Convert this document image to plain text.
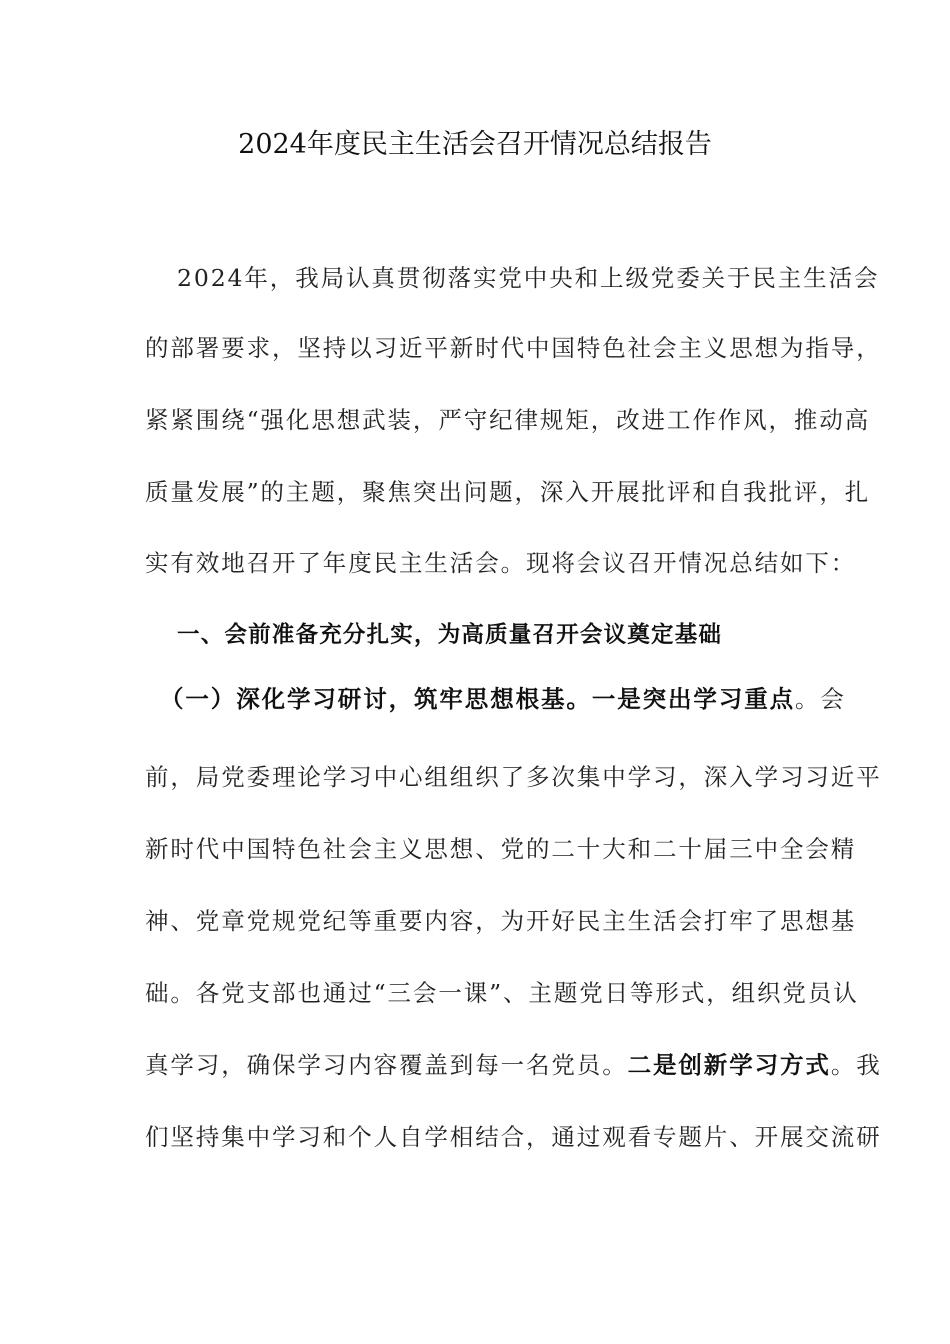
2024年度民主生活会召开情况总结报告
2024年，我局认真贯彻落实党中央和上级党委关于民主生活会
的部署要求，坚持以习近平新时代中国特色社会主义思想为指导，
紧紧围绕“强化思想武装，严守纪律规矩，改进工作作风，推动高
质量发展”的主题，聚焦突出问题，深入开展批评和自我批评，扎
实有效地召开了年度民主生活会。现将会议召开情况总结如下：
一、会前准备充分扎实，为高质量召开会议奠定基础
（一）深化学习研讨，筑牢思想根基。一是突出学习重点。会
前，局党委理论学习中心组组织了多次集中学习，深入学习习近平
新时代中国特色社会主义思想、党的二十大和二十届三中全会精
神、党章党规党纪等重要内容，为开好民主生活会打牢了思想基
础。各党支部也通过“三会一课”、主题党日等形式，组织党员认
真学习，确保学习内容覆盖到每一名党员。二是创新学习方式。我
们坚持集中学习和个人自学相结合，通过观看专题片、开展交流研
